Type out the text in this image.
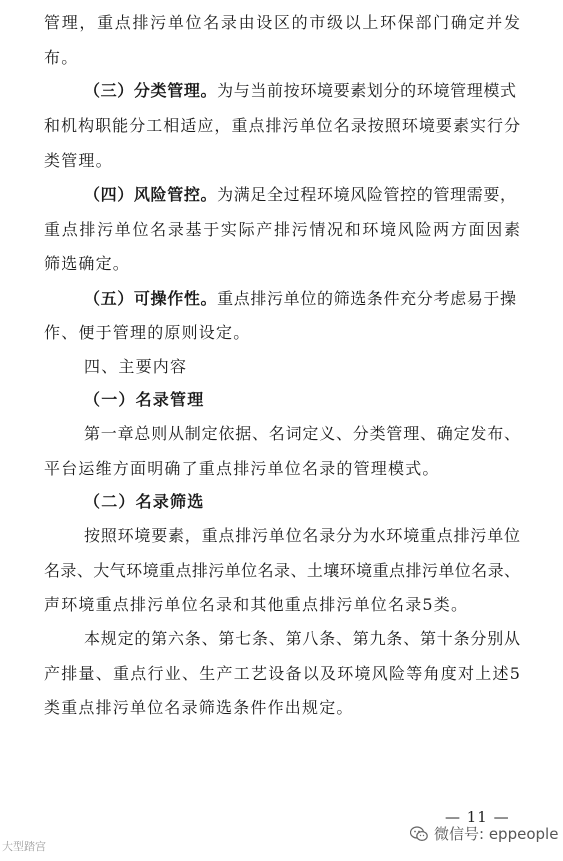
管理，重点排污单位名录由设区的市级以上环保部门确定并发
布。
（三）分类管理。为与当前按环境要素划分的环境管理模式
和机构职能分工相适应，重点排污单位名录按照环境要素实行分
类管理。
（四）风险管控。为满足全过程环境风险管控的管理需要，
重点排污单位名录基于实际产排污情况和环境风险两方面因素
筛选确定。
（五）可操作性。重点排污单位的筛选条件充分考虑易于操
作、便于管理的原则设定。
四、主要内容
（一）名录管理
第一章总则从制定依据、名词定义、分类管理、确定发布、
平台运维方面明确了重点排污单位名录的管理模式。
（二）名录筛选
按照环境要素，重点排污单位名录分为水环境重点排污单位
名录、大气环境重点排污单位名录、土壤环境重点排污单位名录、
声环境重点排污单位名录和其他重点排污单位名录5类。
本规定的第六条、第七条、第八条、第九条、第十条分别从
产排量、重点行业、生产工艺设备以及环境风险等角度对上述5
类重点排污单位名录筛选条件作出规定。
— 11 —
大型踏宫
微信号: eppeople
